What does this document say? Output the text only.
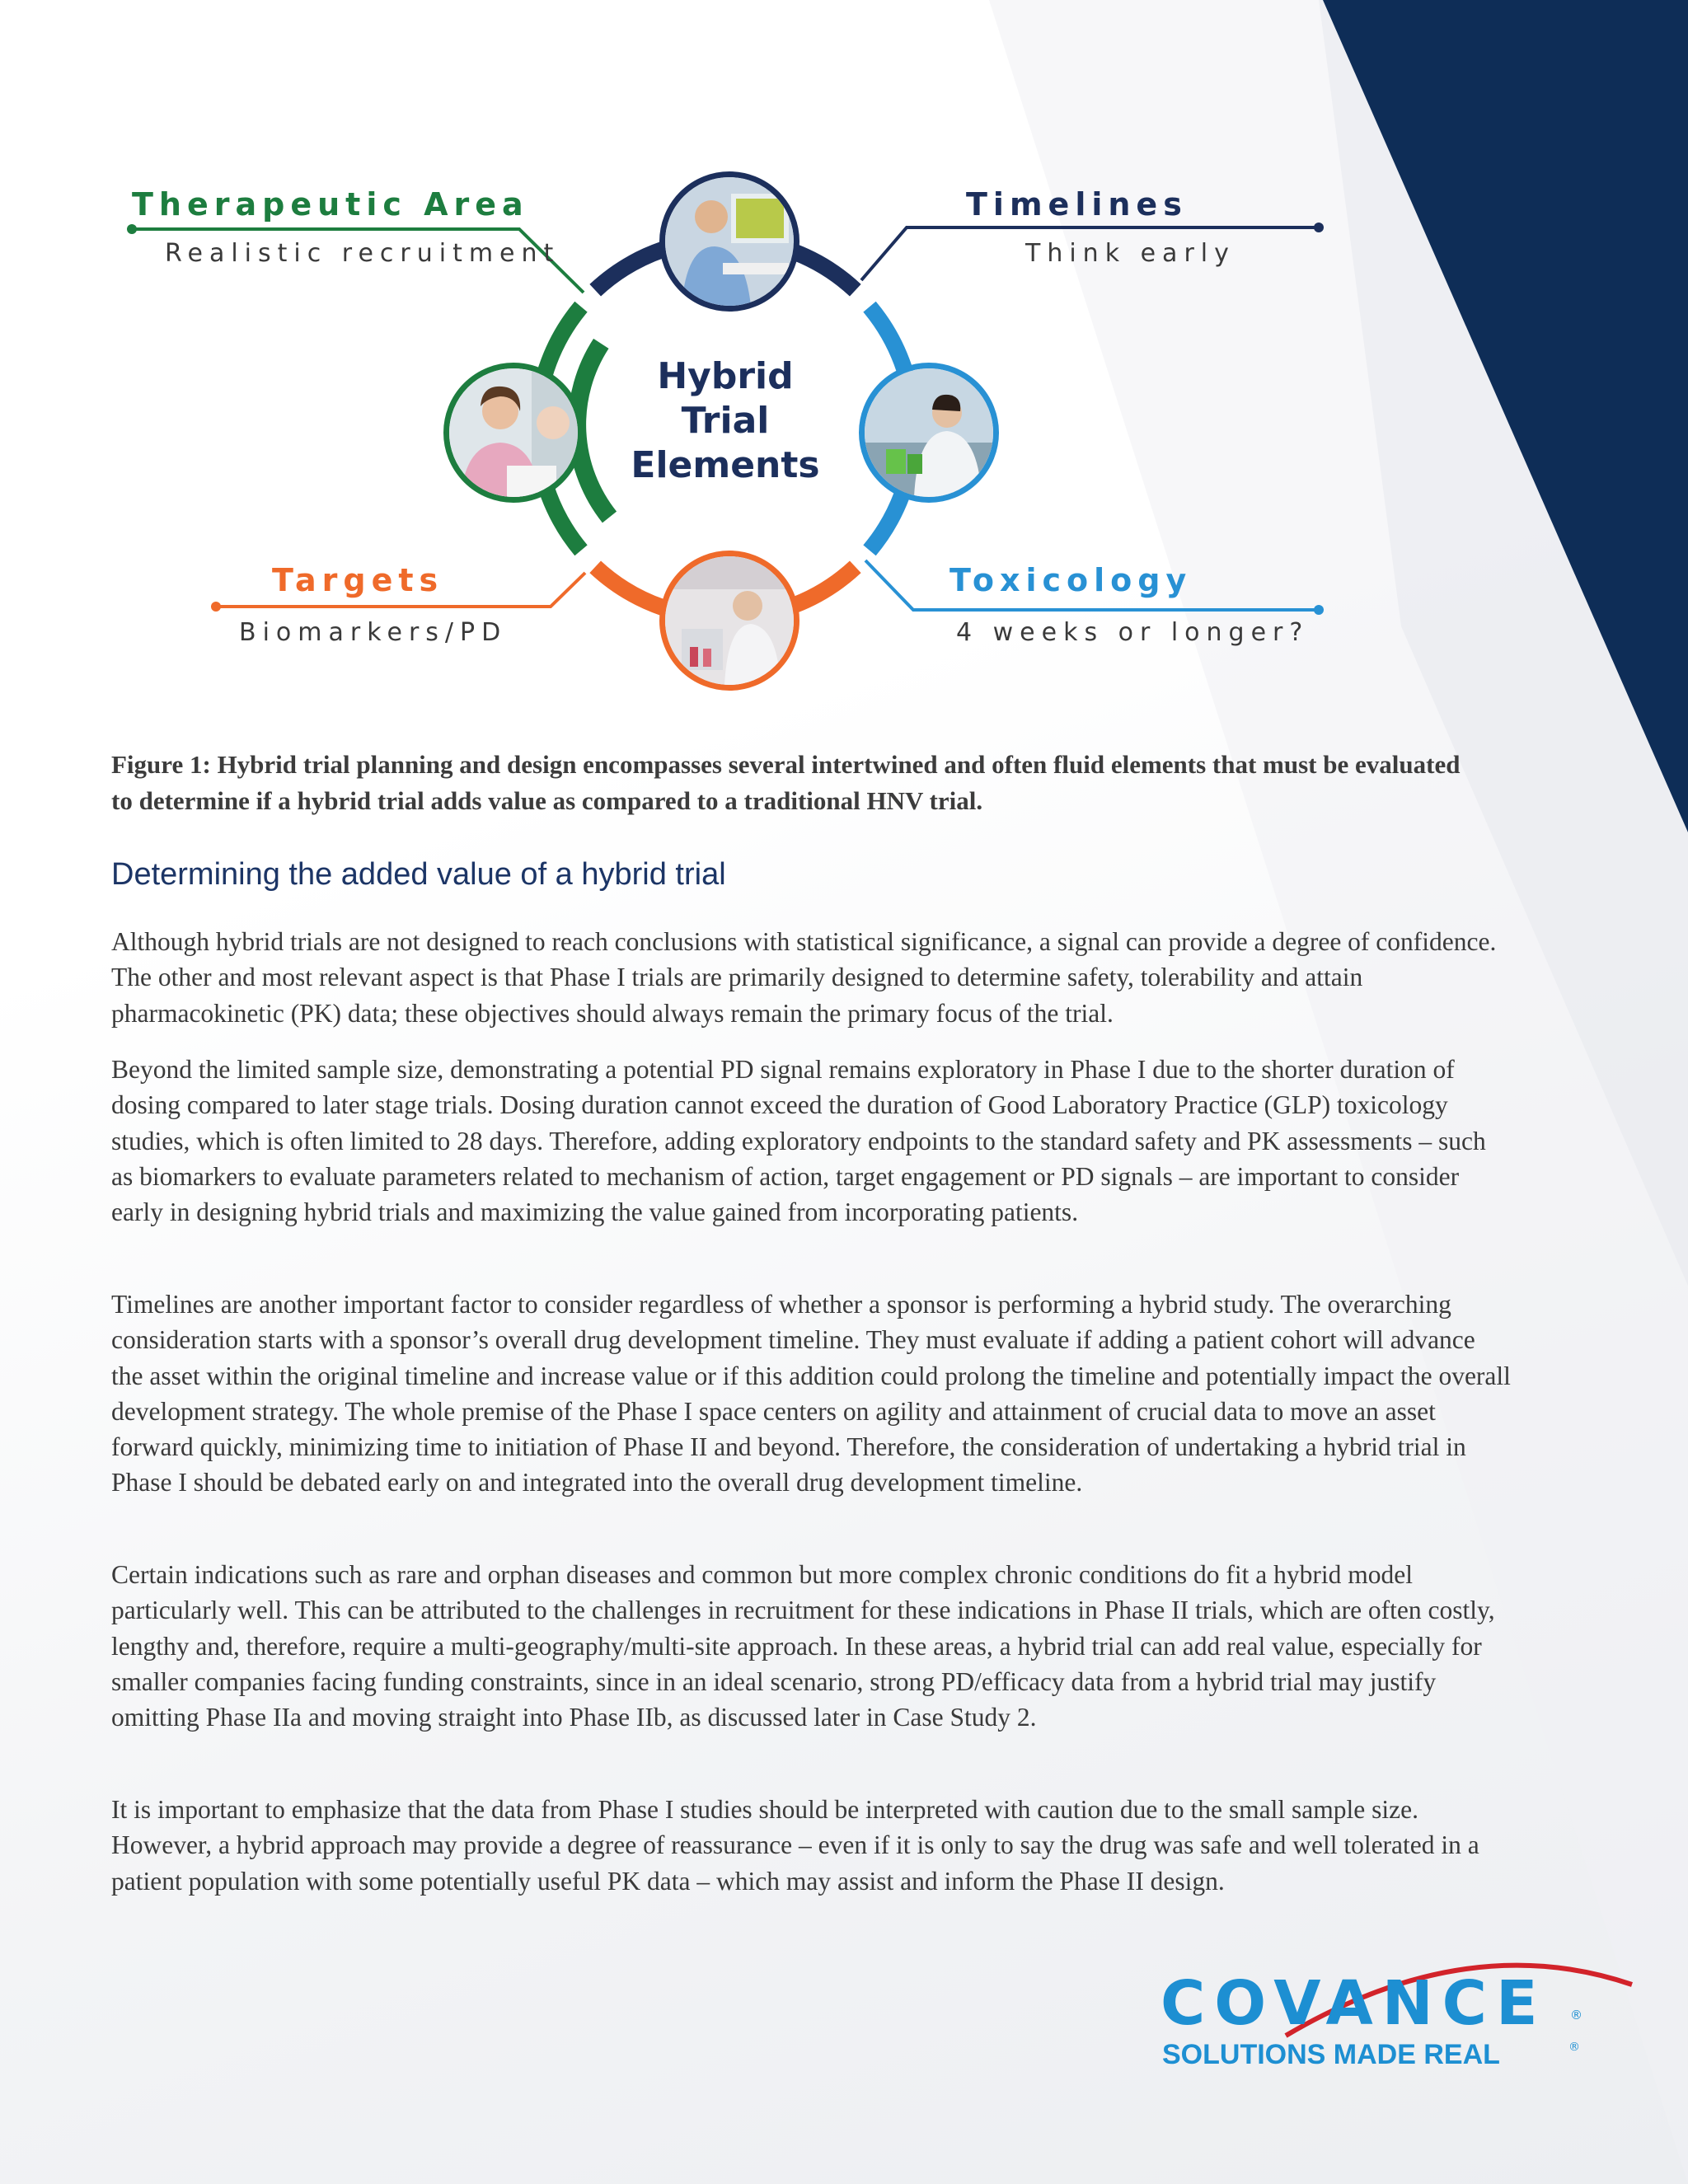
Therapeutic Area
Realistic recruitment
Timelines
Think early
Targets
Biomarkers/PD
Toxicology
4 weeks or longer?
Hybrid
Trial
Elements
Figure 1: Hybrid trial planning and design encompasses several intertwined and often fluid elements that must be evaluated to determine if a hybrid trial adds value as compared to a traditional HNV trial.
Determining the added value of a hybrid trial
Although hybrid trials are not designed to reach conclusions with statistical significance, a signal can provide a degree of confidence. The other and most relevant aspect is that Phase I trials are primarily designed to determine safety, tolerability and attain pharmacokinetic (PK) data; these objectives should always remain the primary focus of the trial.
Beyond the limited sample size, demonstrating a potential PD signal remains exploratory in Phase I due to the shorter duration of dosing compared to later stage trials. Dosing duration cannot exceed the duration of Good Laboratory Practice (GLP) toxicology studies, which is often limited to 28 days. Therefore, adding exploratory endpoints to the standard safety and PK assessments – such as biomarkers to evaluate parameters related to mechanism of action, target engagement or PD signals – are important to consider early in designing hybrid trials and maximizing the value gained from incorporating patients.
Timelines are another important factor to consider regardless of whether a sponsor is performing a hybrid study. The overarching consideration starts with a sponsor’s overall drug development timeline. They must evaluate if adding a patient cohort will advance the asset within the original timeline and increase value or if this addition could prolong the timeline and potentially impact the overall development strategy. The whole premise of the Phase I space centers on agility and attainment of crucial data to move an asset forward quickly, minimizing time to initiation of Phase II and beyond. Therefore, the consideration of undertaking a hybrid trial in Phase I should be debated early on and integrated into the overall drug development timeline.
Certain indications such as rare and orphan diseases and common but more complex chronic conditions do fit a hybrid model particularly well. This can be attributed to the challenges in recruitment for these indications in Phase II trials, which are often costly, lengthy and, therefore, require a multi-geography/multi-site approach. In these areas, a hybrid trial can add real value, especially for smaller companies facing funding constraints, since in an ideal scenario, strong PD/efficacy data from a hybrid trial may justify omitting Phase IIa and moving straight into Phase IIb, as discussed later in Case Study 2.
It is important to emphasize that the data from Phase I studies should be interpreted with caution due to the small sample size. However, a hybrid approach may provide a degree of reassurance – even if it is only to say the drug was safe and well tolerated in a patient population with some potentially useful PK data – which may assist and inform the Phase II design.
COVANCE ®
SOLUTIONS MADE REAL	®
